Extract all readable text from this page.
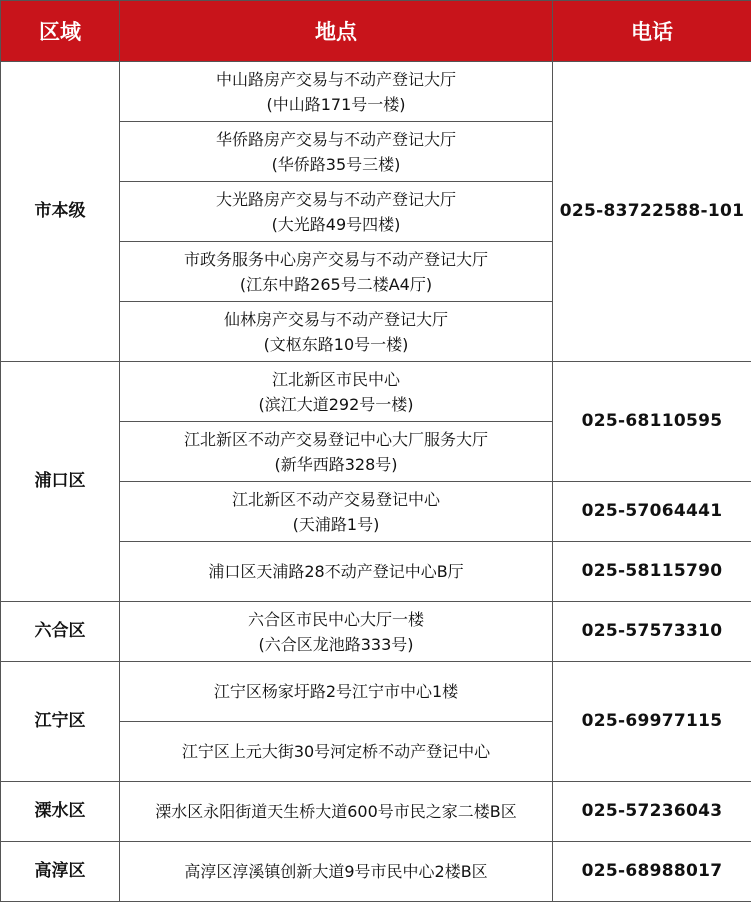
区域	地点	电话
市本级	中山路房产交易与不动产登记大厅
(中山路171号一楼)	025-83722588-101

	华侨路房产交易与不动产登记大厅
(华侨路35号三楼)	

	大光路房产交易与不动产登记大厅
(大光路49号四楼)	

	市政务服务中心房产交易与不动产登记大厅
(江东中路265号二楼A4厅)	

	仙林房产交易与不动产登记大厅
(文枢东路10号一楼)	

浦口区	江北新区市民中心
(滨江大道292号一楼)	025-68110595

	江北新区不动产交易登记中心大厂服务大厅
(新华西路328号)	

	江北新区不动产交易登记中心
(天浦路1号)	025-57064441

	浦口区天浦路28不动产登记中心B厅	025-58115790
六合区	六合区市民中心大厅一楼
(六合区龙池路333号)	025-57573310
江宁区	江宁区杨家圩路2号江宁市中心1楼	025-69977115

	江宁区上元大街30号河定桥不动产登记中心	

溧水区	溧水区永阳街道天生桥大道600号市民之家二楼B区	025-57236043
高淳区	高淳区淳溪镇创新大道9号市民中心2楼B区	025-68988017
